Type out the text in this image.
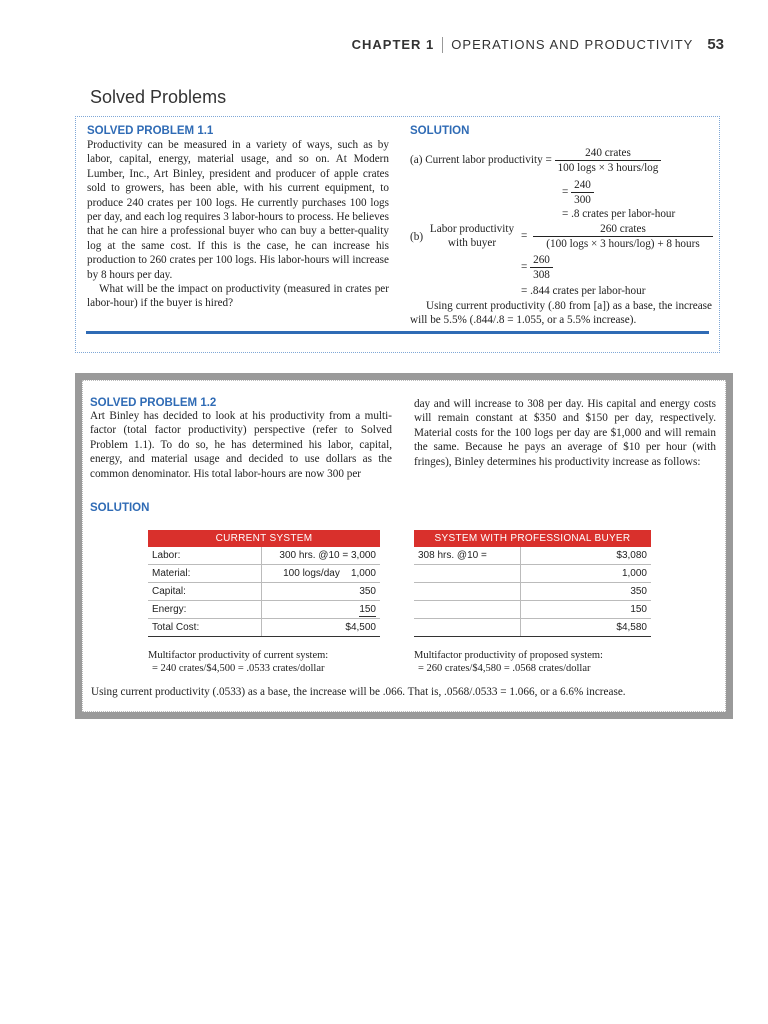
CHAPTER 1 OPERATIONS AND PRODUCTIVITY 53
Solved Problems
SOLVED PROBLEM 1.1
Productivity can be measured in a variety of ways, such as by labor, capital, energy, material usage, and so on. At Modern Lumber, Inc., Art Binley, president and producer of apple crates sold to growers, has been able, with his current equipment, to produce 240 crates per 100 logs. He currently purchases 100 logs per day, and each log requires 3 labor-hours to process. He believes that he can hire a professional buyer who can buy a better-quality log at the same cost. If this is the case, he can increase his production to 260 crates per 100 logs. His labor-hours will increase by 8 hours per day.
What will be the impact on productivity (measured in crates per labor-hour) if the buyer is hired?
SOLUTION
(a) Current labor productivity = $\frac{\text{240 crates}}{\text{100 logs × 3 hours/log}}$
= $\frac{240}{300}$
= .8 crates per labor-hour
(b)
Labor productivity
with buyer
= $\frac{\text{260 crates}}{\text{(100 logs × 3 hours/log) + 8 hours}}$
= $\frac{260}{308}$
= .844 crates per labor-hour
Using current productivity (.80 from [a]) as a base, the increase will be 5.5% (.844/.8 = 1.055, or a 5.5% increase).
SOLVED PROBLEM 1.2
Art Binley has decided to look at his productivity from a multi-factor (total factor productivity) perspective (refer to Solved Problem 1.1). To do so, he has determined his labor, capital, energy, and material usage and decided to use dollars as the common denominator. His total labor-hours are now 300 per
day and will increase to 308 per day. His capital and energy costs will remain constant at $350 and $150 per day, respectively. Material costs for the 100 logs per day are $1,000 and will remain the same. Because he pays an average of $10 per hour (with fringes), Binley determines his productivity increase as follows:
SOLUTION
CURRENT SYSTEM	
Labor:	300 hrs. @10 = 3,000
Material:	100 logs/day 1,000
Capital:	350
Energy:	150
Total Cost:	$4,500
SYSTEM WITH PROFESSIONAL BUYER	
308 hrs. @10 =	$3,080
	1,000
	350
	150
	$4,580
Multifactor productivity of current system:
= 240 crates/$4,500 = .0533 crates/dollar
Multifactor productivity of proposed system:
= 260 crates/$4,580 = .0568 crates/dollar
Using current productivity (.0533) as a base, the increase will be .066. That is, .0568/.0533 = 1.066, or a 6.6% increase.
